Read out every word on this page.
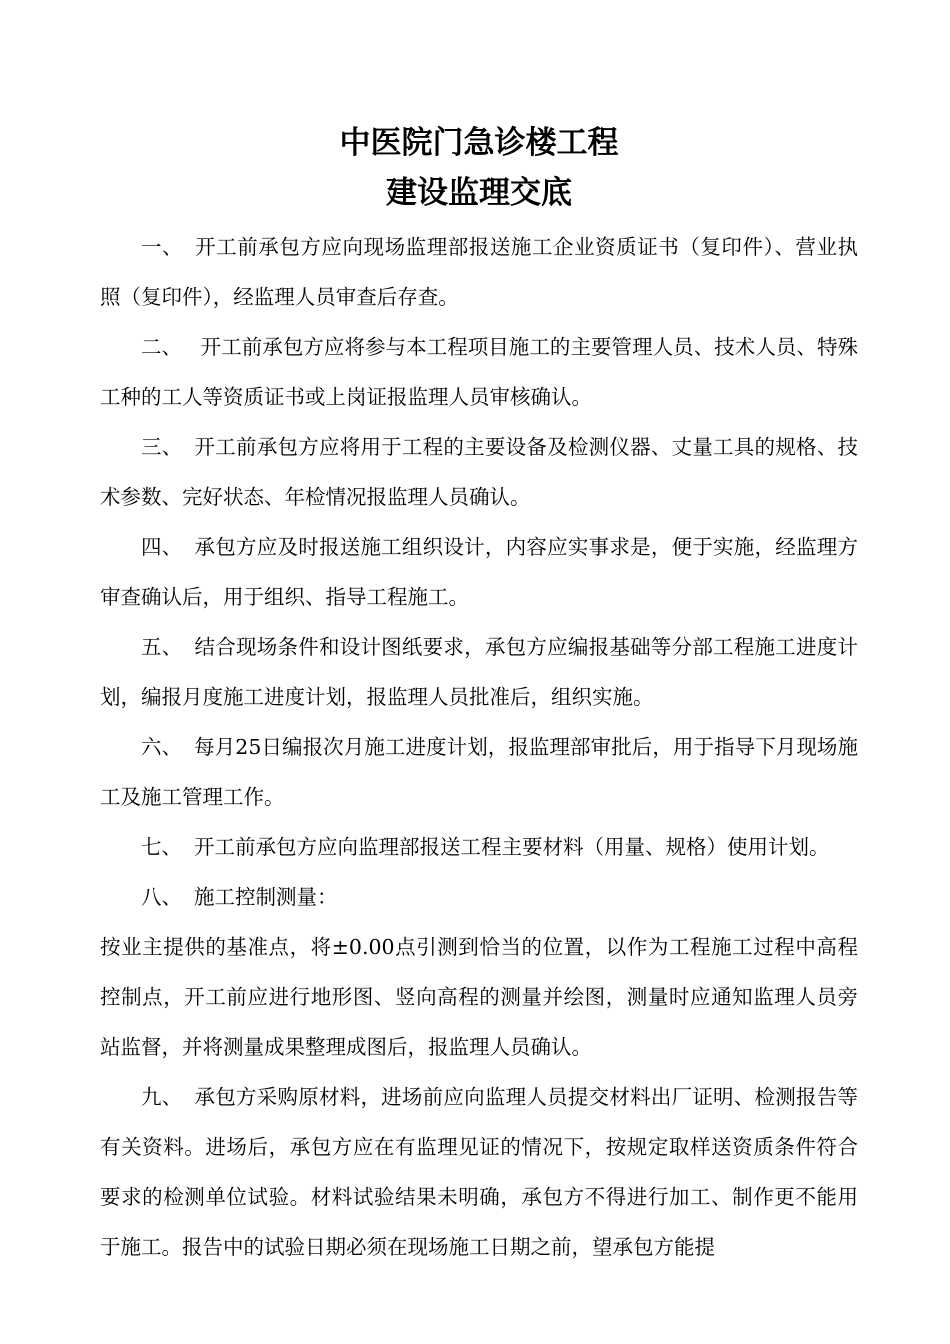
中医院门急诊楼工程
建设监理交底

一、 开工前承包方应向现场监理部报送施工企业资质证书（复印件）、营业执照（复印件），经监理人员审查后存查。

二、 开工前承包方应将参与本工程项目施工的主要管理人员、技术人员、特殊工种的工人等资质证书或上岗证报监理人员审核确认。

三、 开工前承包方应将用于工程的主要设备及检测仪器、丈量工具的规格、技术参数、完好状态、年检情况报监理人员确认。

四、 承包方应及时报送施工组织设计，内容应实事求是，便于实施，经监理方审查确认后，用于组织、指导工程施工。

五、 结合现场条件和设计图纸要求，承包方应编报基础等分部工程施工进度计划，编报月度施工进度计划，报监理人员批准后，组织实施。

六、 每月25日编报次月施工进度计划，报监理部审批后，用于指导下月现场施工及施工管理工作。

七、 开工前承包方应向监理部报送工程主要材料（用量、规格）使用计划。

八、 施工控制测量：

按业主提供的基准点，将±0.00点引测到恰当的位置，以作为工程施工过程中高程控制点，开工前应进行地形图、竖向高程的测量并绘图，测量时应通知监理人员旁站监督，并将测量成果整理成图后，报监理人员确认。

九、 承包方采购原材料，进场前应向监理人员提交材料出厂证明、检测报告等有关资料。进场后，承包方应在有监理见证的情况下，按规定取样送资质条件符合要求的检测单位试验。材料试验结果未明确，承包方不得进行加工、制作更不能用于施工。报告中的试验日期必须在现场施工日期之前，望承包方能提
